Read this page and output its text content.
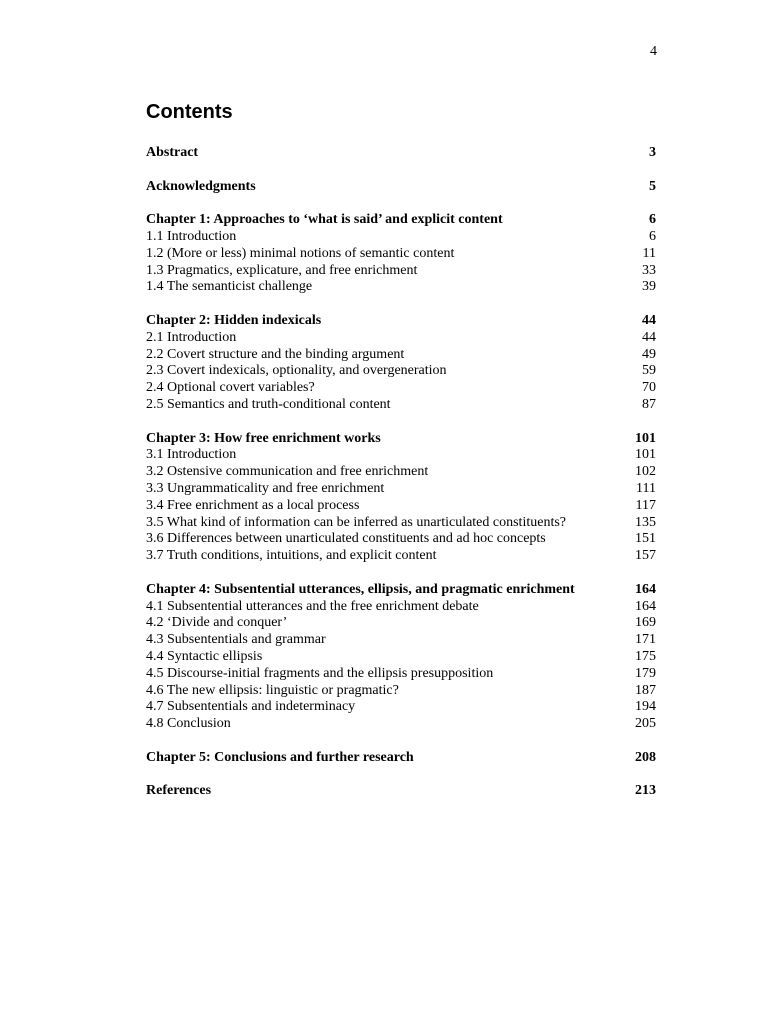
4
Contents
Abstract	3
Acknowledgments	5
Chapter 1: Approaches to ‘what is said’ and explicit content	6
1.1 Introduction	6
1.2 (More or less) minimal notions of semantic content	11
1.3 Pragmatics, explicature, and free enrichment	33
1.4 The semanticist challenge	39
Chapter 2: Hidden indexicals	44
2.1 Introduction	44
2.2 Covert structure and the binding argument	49
2.3 Covert indexicals, optionality, and overgeneration	59
2.4 Optional covert variables?	70
2.5 Semantics and truth-conditional content	87
Chapter 3: How free enrichment works	101
3.1 Introduction	101
3.2 Ostensive communication and free enrichment	102
3.3 Ungrammaticality and free enrichment	111
3.4 Free enrichment as a local process	117
3.5 What kind of information can be inferred as unarticulated constituents?	135
3.6 Differences between unarticulated constituents and ad hoc concepts	151
3.7 Truth conditions, intuitions, and explicit content	157
Chapter 4: Subsentential utterances, ellipsis, and pragmatic enrichment	164
4.1 Subsentential utterances and the free enrichment debate	164
4.2 ‘Divide and conquer’	169
4.3 Subsententials and grammar	171
4.4 Syntactic ellipsis	175
4.5 Discourse-initial fragments and the ellipsis presupposition	179
4.6 The new ellipsis: linguistic or pragmatic?	187
4.7 Subsententials and indeterminacy	194
4.8 Conclusion	205
Chapter 5: Conclusions and further research	208
References	213
